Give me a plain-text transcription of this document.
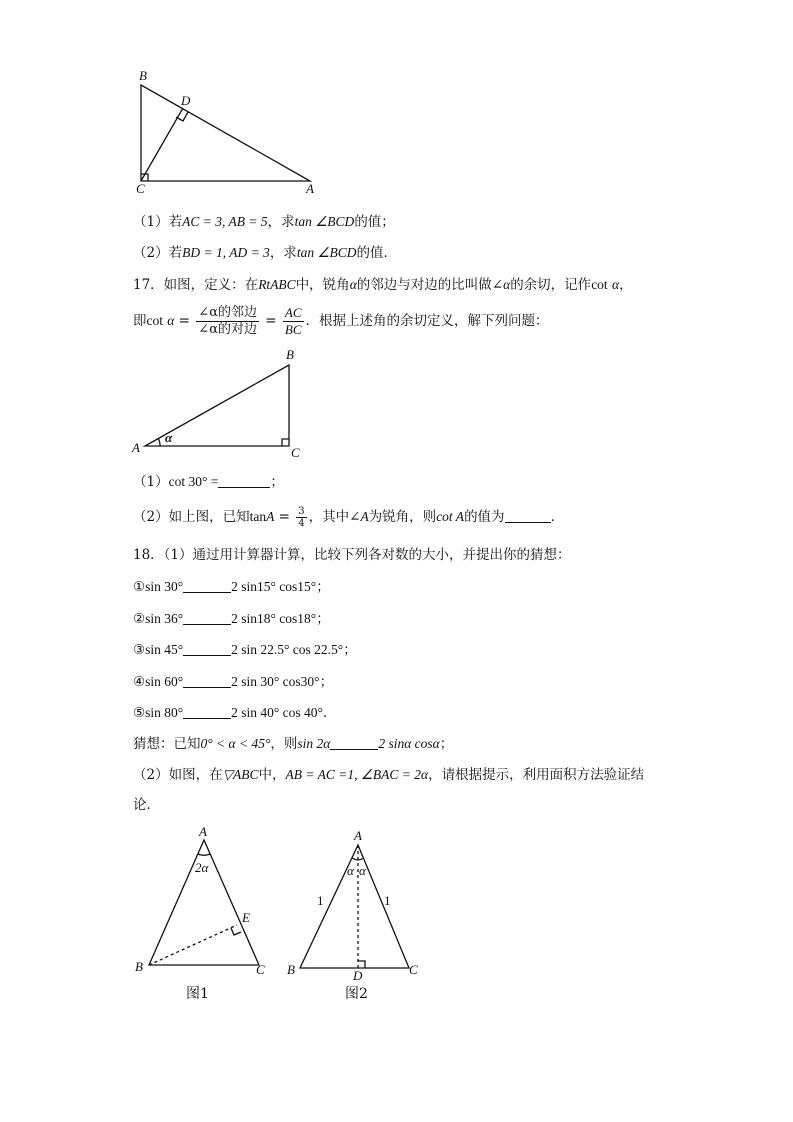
B
D
C	A
（1）若AC = 3, AB = 5，求tan ∠BCD的值；
（2）若BD = 1, AD = 3，求tan ∠BCD的值．
17．如图，定义：在RtABC中，锐角α的邻边与对边的比叫做∠α的余切，记作cot α，
即$\cot \alpha = \frac{\text{∠α的邻边}}{\text{∠α的对边}} = \frac{AC}{BC}$ ．根据上述角的余切定义，解下列问题：
B
A	C
α
（1）cot 30° =	；
（2）如上图，已知$\tan A = \frac{3}{4}$ ，其中∠A为锐角，则cot A的值为	．
18．（1）通过用计算器计算，比较下列各对数的大小，并提出你的猜想：
①sin 30°	2 sin15° cos15°；
②sin 36°	2 sin18° cos18°；
③sin 45°	2 sin 22.5° cos 22.5°；
④sin 60°	2 sin 30° cos30°；
⑤sin 80°	2 sin 40° cos 40°．
猜想：已知0° < α < 45°，则sin 2α	2 sinα cosα；
（2）如图，在▽ABC中，AB = AC =1, ∠BAC = 2α，请根据提示，利用面积方法验证结
论．
A
2α
E
B	C
图1
A
α α
1	1
B	D	C
图2
